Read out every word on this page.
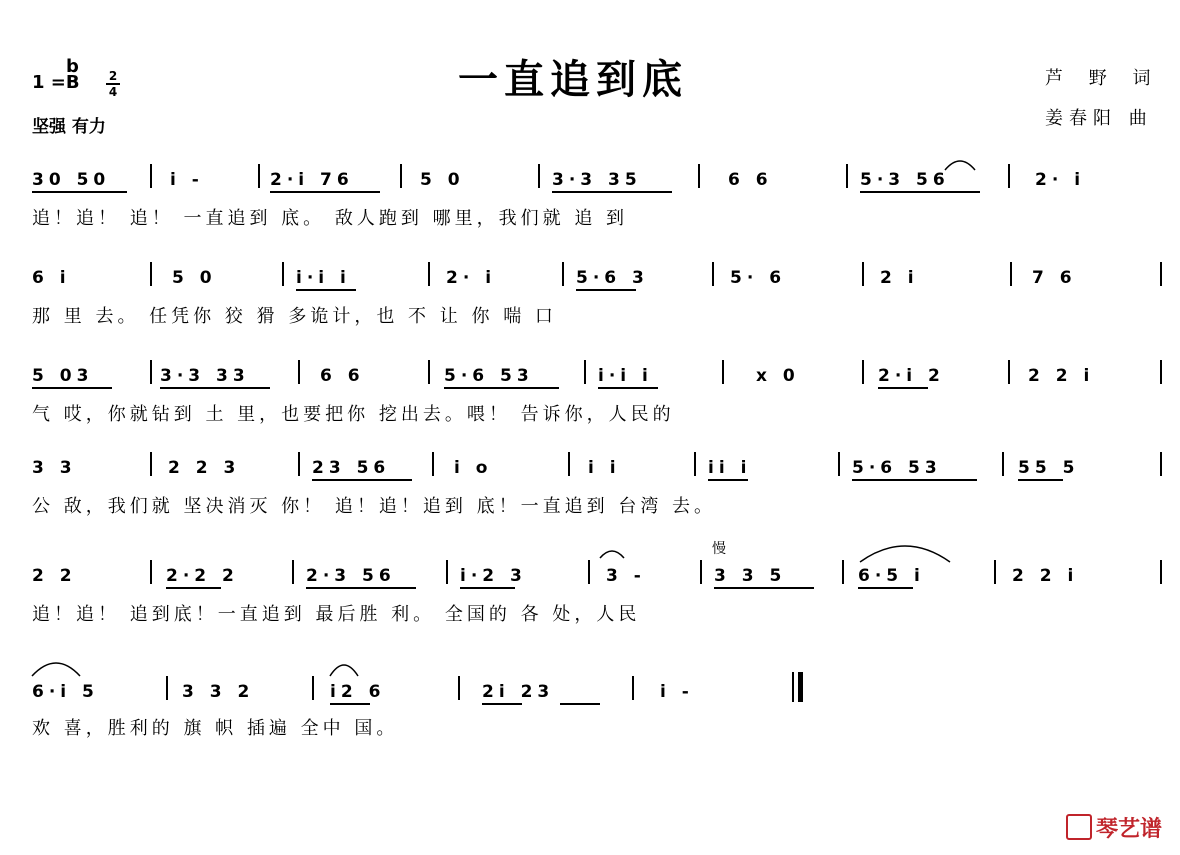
一直追到底
b
1 =B 2
4
坚强 有力
芦 野 词
姜春阳 曲
30 50	i -	2·i 76	5 0	3·3 35	6 6	5·3 56	2· i
追！追！ 追！ 一直追到 底。 敌人跑到 哪里，我们就 追 到
6 i	5 0	i·i i	2· i	5·6 3	5· 6	2 i	7 6
那 里 去。 任凭你 狡 猾 多诡计，也 不 让 你 喘 口
5 03	3·3 33	6 6	5·6 53	i·i i	x 0	2·i 2	2 2 i
气 哎，你就钻到 土 里，也要把你 挖出去。喂！ 告诉你，人民的
3 3	2 2 3	23 56	i o	i i	ii i	5·6 53	55 5
公 敌，我们就 坚决消灭 你！ 追！追！追到 底！一直追到 台湾 去。
慢
2 2	2·2 2	2·3 56	i·2 3	3 -	3 3 5	6·5 i	2 2 i
追！追！ 追到底！一直追到 最后胜 利。 全国的 各 处，人民
6·i 5	3 3 2	i2 6	2i 23	i -
欢 喜，胜利的 旗 帜 插遍 全中 国。
琴艺谱
